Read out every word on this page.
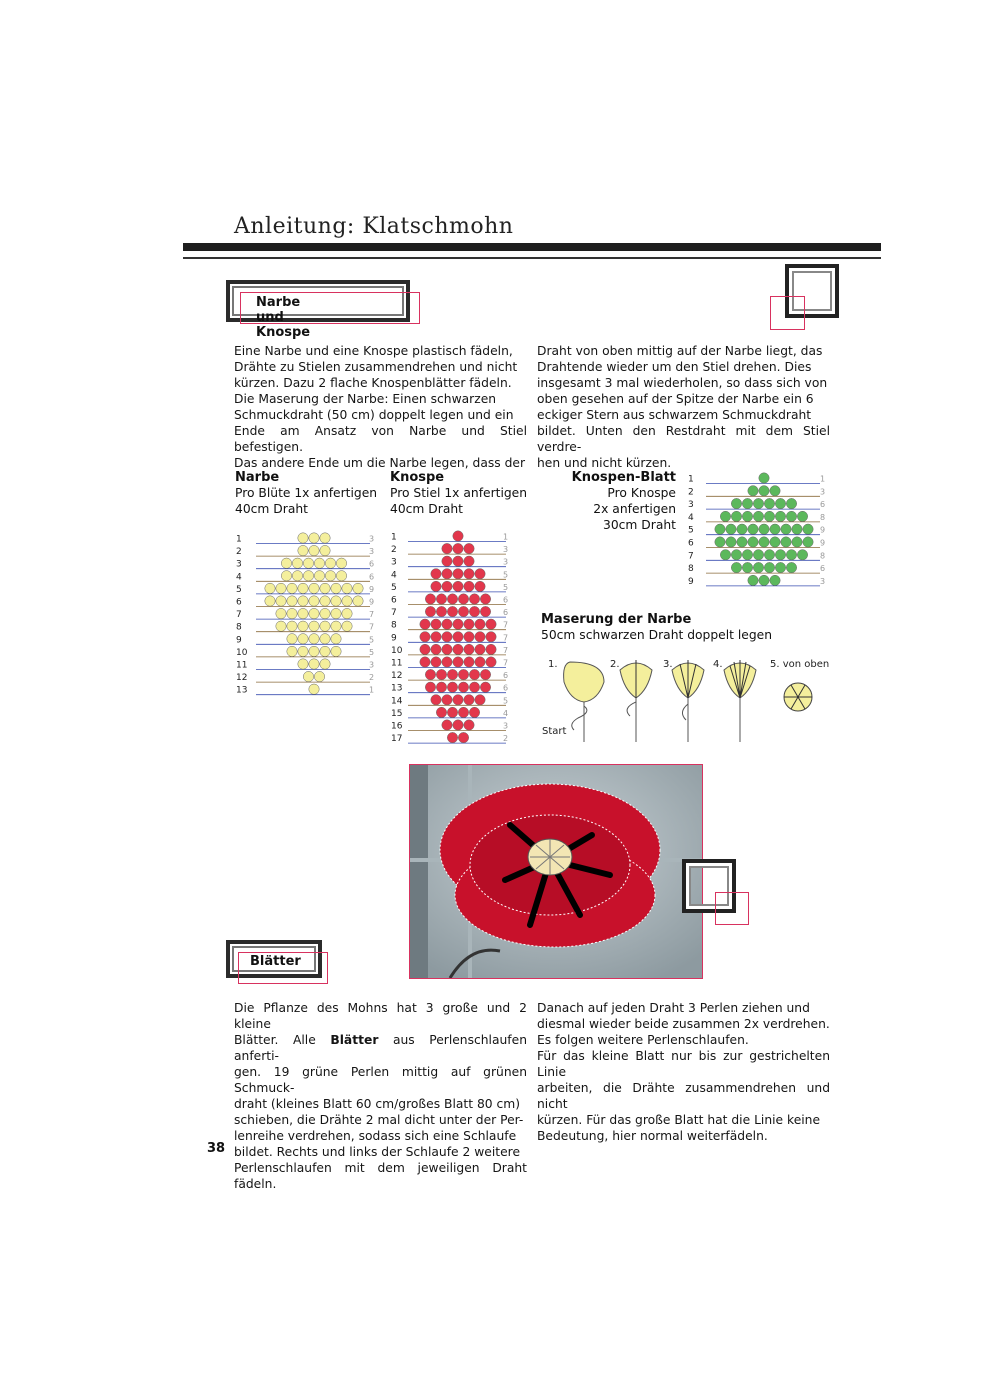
Anleitung: Klatschmohn
Narbe und Knospe
Eine Narbe und eine Knospe plastisch fädeln,
Drähte zu Stielen zusammendrehen und nicht
kürzen. Dazu 2 flache Knospenblätter fädeln.
Die Maserung der Narbe: Einen schwarzen
Schmuckdraht (50 cm) doppelt legen und ein
Ende am Ansatz von Narbe und Stiel befestigen.
Das andere Ende um die Narbe legen, dass der
Draht von oben mittig auf der Narbe liegt, das
Drahtende wieder um den Stiel drehen. Dies
insgesamt 3 mal wiederholen, so dass sich von
oben gesehen auf der Spitze der Narbe ein 6
eckiger Stern aus schwarzem Schmuckdraht
bildet. Unten den Restdraht mit dem Stiel verdre-
hen und nicht kürzen.
Narbe
Pro Blüte 1x anfertigen
40cm Draht
Knospe
Pro Stiel 1x anfertigen
40cm Draht
Knospen-Blatt
Pro Knospe
2x anfertigen
30cm Draht
1	3
2	3
3	6
4	6
5	9
6	9
7	7
8	7
9	5
10	5
11	3
12	2
13	1
1	1
2	3
3	3
4	5
5	5
6	6
7	6
8	7
9	7
10	7
11	7
12	6
13	6
14	5
15	4
16	3
17	2
1	1
2	3
3	6
4	8
5	9
6	9
7	8
8	6
9	3
Maserung der Narbe
50cm schwarzen Draht doppelt legen
1.	2.	3.	4.	5. von oben
Start
Blätter
Die Pflanze des Mohns hat 3 große und 2 kleine
Blätter. Alle Blätter aus Perlenschlaufen anferti-
gen. 19 grüne Perlen mittig auf grünen Schmuck-
draht (kleines Blatt 60 cm/großes Blatt 80 cm)
schieben, die Drähte 2 mal dicht unter der Per-
lenreihe verdrehen, sodass sich eine Schlaufe
bildet. Rechts und links der Schlaufe 2 weitere
Perlenschlaufen mit dem jeweiligen Draht fädeln.
Danach auf jeden Draht 3 Perlen ziehen und
diesmal wieder beide zusammen 2x verdrehen.
Es folgen weitere Perlenschlaufen.
Für das kleine Blatt nur bis zur gestrichelten Linie
arbeiten, die Drähte zusammendrehen und nicht
kürzen. Für das große Blatt hat die Linie keine
Bedeutung, hier normal weiterfädeln.
38
